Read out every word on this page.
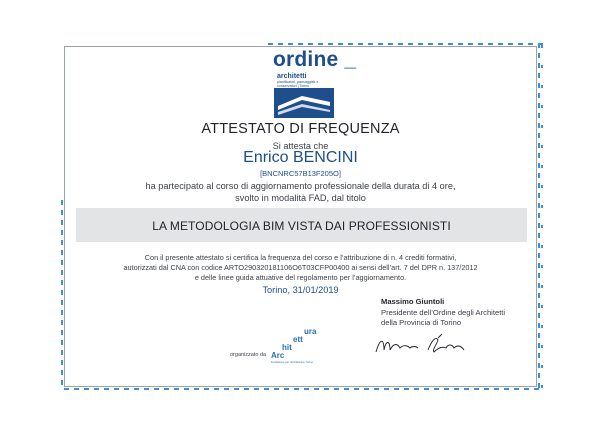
ordine _
architetti
pianificatori, paesaggisti e conservatori | Torino
ATTESTATO DI FREQUENZA
Si attesta che
Enrico BENCINI
[BNCNRC57B13F205O]
ha partecipato al corso di aggiornamento professionale della durata di 4 ore,
svolto in modalità FAD, dal titolo
LA METODOLOGIA BIM VISTA DAI PROFESSIONISTI
Con il presente attestato si certifica la frequenza del corso e l’attribuzione di n. 4 crediti formativi,
autorizzati dal CNA con codice ARTO290320181106O6T03CFP00400 ai sensi dell’art. 7 del DPR n. 137/2012
e delle linee guida attuative del regolamento per l’aggiornamento.
Torino, 31/01/2019
Massimo Giuntoli
Presidente dell’Ordine degli Architetti
della Provincia di Torino
organizzato da
ura
ett
hit
Arc
Fondazione per l'architettura / Torino
